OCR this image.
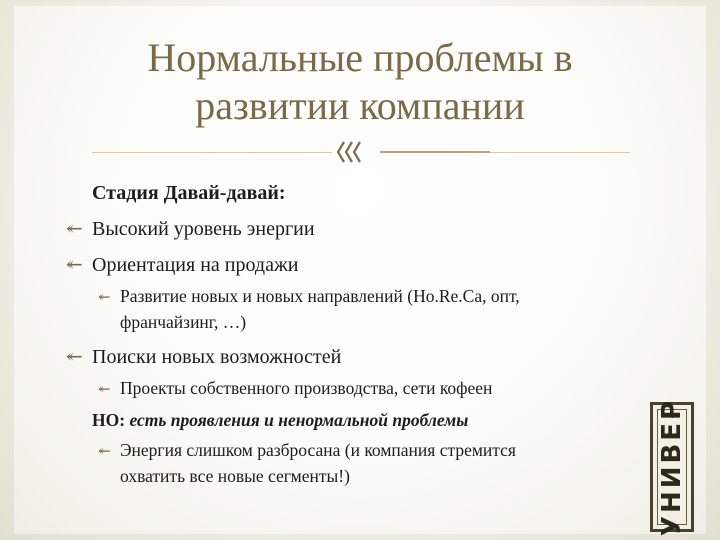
Нормальные проблемы в
развитии компании
Стадия Давай-давай:
↞ Высокий уровень энергии
↞ Ориентация на продажи
↞ Развитие новых и новых направлений (Ho.Re.Ca, опт,
франчайзинг, …)
↞ Поиски новых возможностей
↞ Проекты собственного производства, сети кофеен
НО: есть проявления и ненормальной проблемы
↞ Энергия слишком разбросана (и компания стремится
охватить все новые сегменты!)	УНИВЕР
